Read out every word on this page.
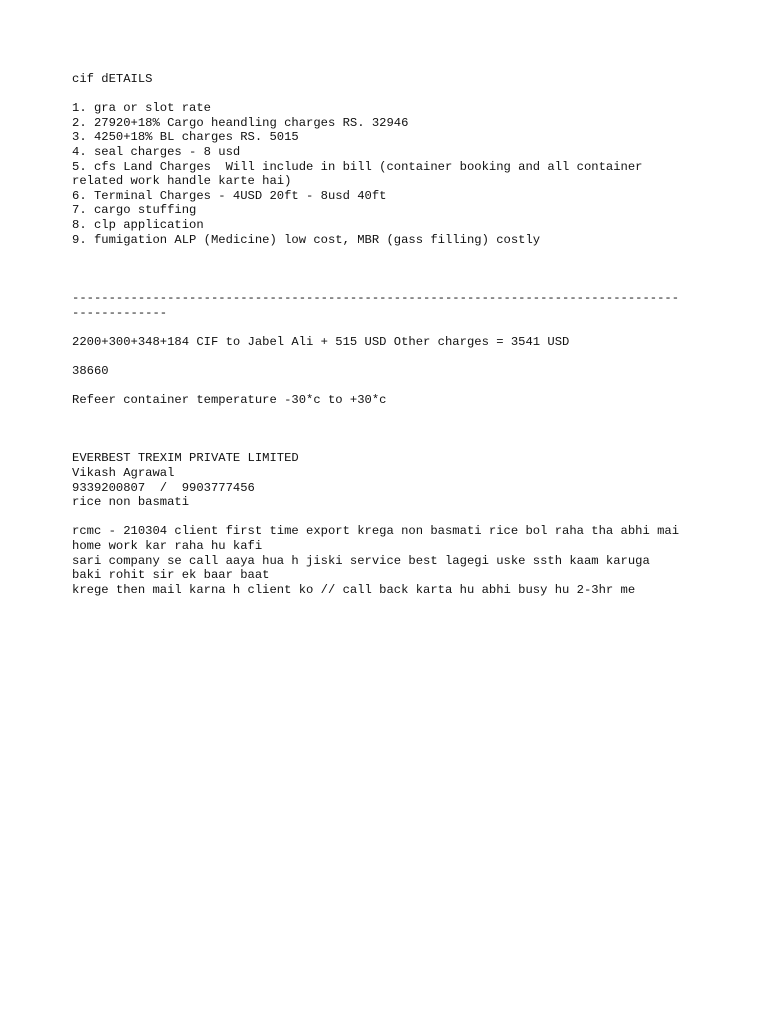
cif dETAILS
1. gra or slot rate
2. 27920+18% Cargo heandling charges RS. 32946
3. 4250+18% BL charges RS. 5015
4. seal charges - 8 usd
5. cfs Land Charges  Will include in bill (container booking and all container
related work handle karte hai)
6. Terminal Charges - 4USD 20ft - 8usd 40ft
7. cargo stuffing
8. clp application
9. fumigation ALP (Medicine) low cost, MBR (gass filling) costly
-----------------------------------------------------------------------------------
-------------
2200+300+348+184 CIF to Jabel Ali + 515 USD Other charges = 3541 USD
38660
Refeer container temperature -30*c to +30*c
EVERBEST TREXIM PRIVATE LIMITED
Vikash Agrawal
9339200807  /  9903777456
rice non basmati
rcmc - 210304 client first time export krega non basmati rice bol raha tha abhi mai
home work kar raha hu kafi
sari company se call aaya hua h jiski service best lagegi uske ssth kaam karuga
baki rohit sir ek baar baat
krege then mail karna h client ko // call back karta hu abhi busy hu 2-3hr me
